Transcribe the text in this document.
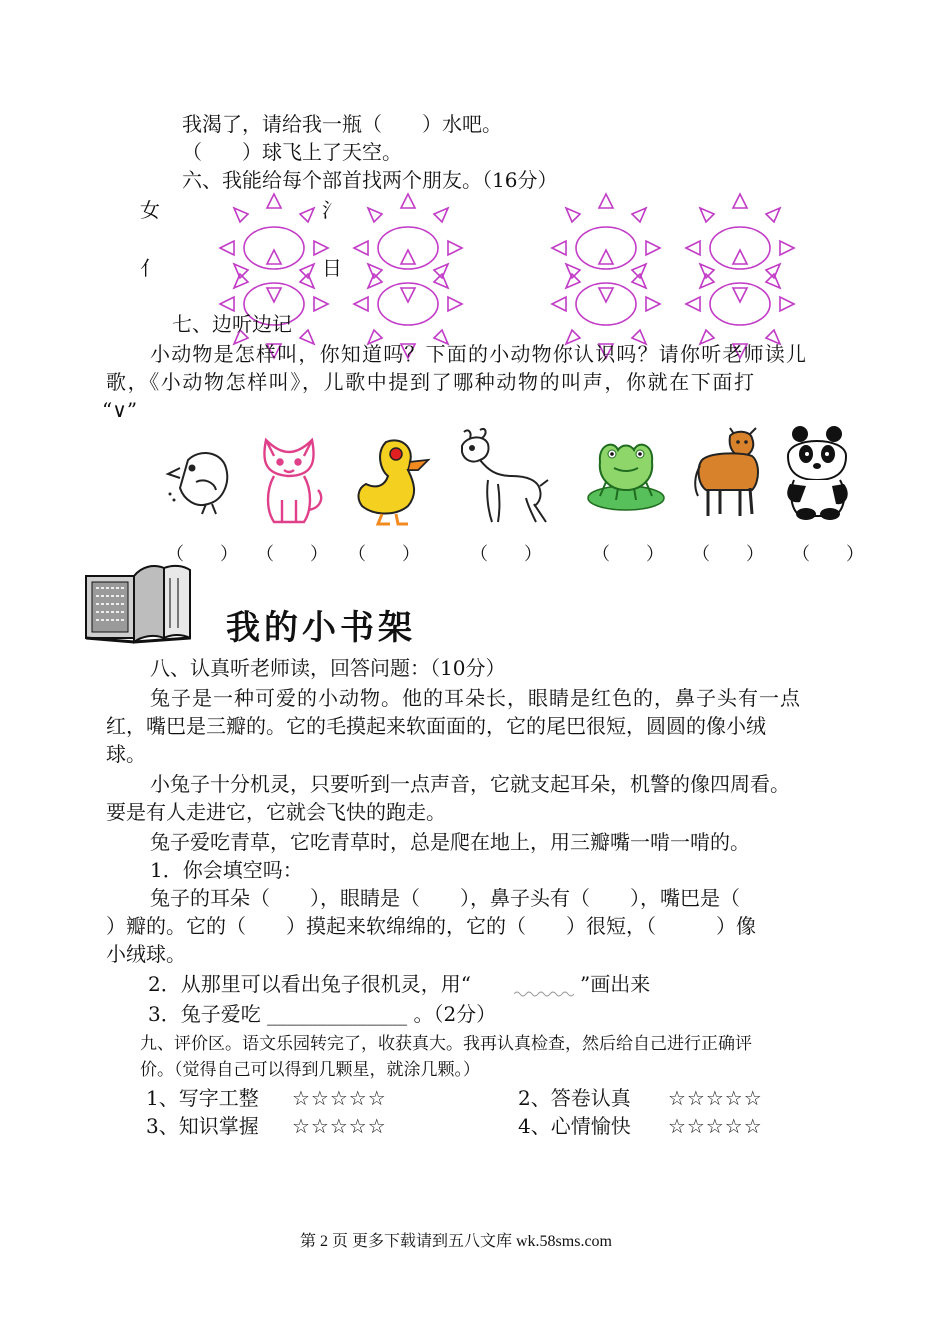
我渴了，请给我一瓶（　　）水吧。
（　　）球飞上了天空。
六、我能给每个部首找两个朋友。（16分）
女	氵
亻	日
七、边听边记
小动物是怎样叫，你知道吗？下面的小动物你认识吗？请你听老师读儿
歌，《小动物怎样叫》，儿歌中提到了哪种动物的叫声，你就在下面打
“∨”
（　　） （　　） （　　）	（　　）	（　　） （　　） （　　）
我的小书架
八、认真听老师读，回答问题：（10分）
兔子是一种可爱的小动物。他的耳朵长，眼睛是红色的，鼻子头有一点
红，嘴巴是三瓣的。它的毛摸起来软面面的，它的尾巴很短，圆圆的像小绒
球。
小兔子十分机灵，只要听到一点声音，它就支起耳朵，机警的像四周看。
要是有人走进它，它就会飞快的跑走。
兔子爱吃青草，它吃青草时，总是爬在地上，用三瓣嘴一啃一啃的。
1．你会填空吗：
兔子的耳朵（　　），眼睛是（　　），鼻子头有（　　），嘴巴是（
）瓣的。它的（　　）摸起来软绵绵的，它的（　　）很短，（　　　）像
小绒球。
2．从那里可以看出兔子很机灵，用“	”画出来
3．兔子爱吃 ______________ 。（2分）
九、评价区。语文乐园转完了，收获真大。我再认真检查，然后给自己进行正确评
价。（觉得自己可以得到几颗星，就涂几颗。）
1、写字工整 ☆☆☆☆☆	2、答卷认真 ☆☆☆☆☆
3、知识掌握 ☆☆☆☆☆	4、心情愉快 ☆☆☆☆☆
第 2 页 更多下载请到五八文库 wk.58sms.com
